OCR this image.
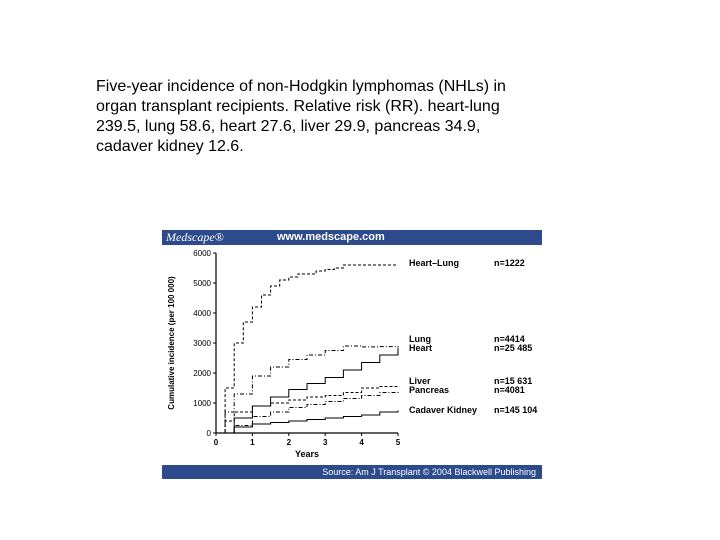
Five-year incidence of non-Hodgkin lymphomas (NHLs) in
organ transplant recipients. Relative risk (RR). heart-lung
239.5, lung 58.6, heart 27.6, liver 29.9, pancreas 34.9,
cadaver kidney 12.6.
Medscape®	www.medscape.com
0
1000
2000
3000
4000
5000
6000
0	1	2	3	4	5
Years
Cumulative incidence (per 100 000)
Heart–Lung	n=1222
Lung	n=4414
Heart	n=25 485
Liver	n=15 631
Pancreas	n=4081
Cadaver Kidney n=145 104
Source: Am J Transplant © 2004 Blackwell Publishing
